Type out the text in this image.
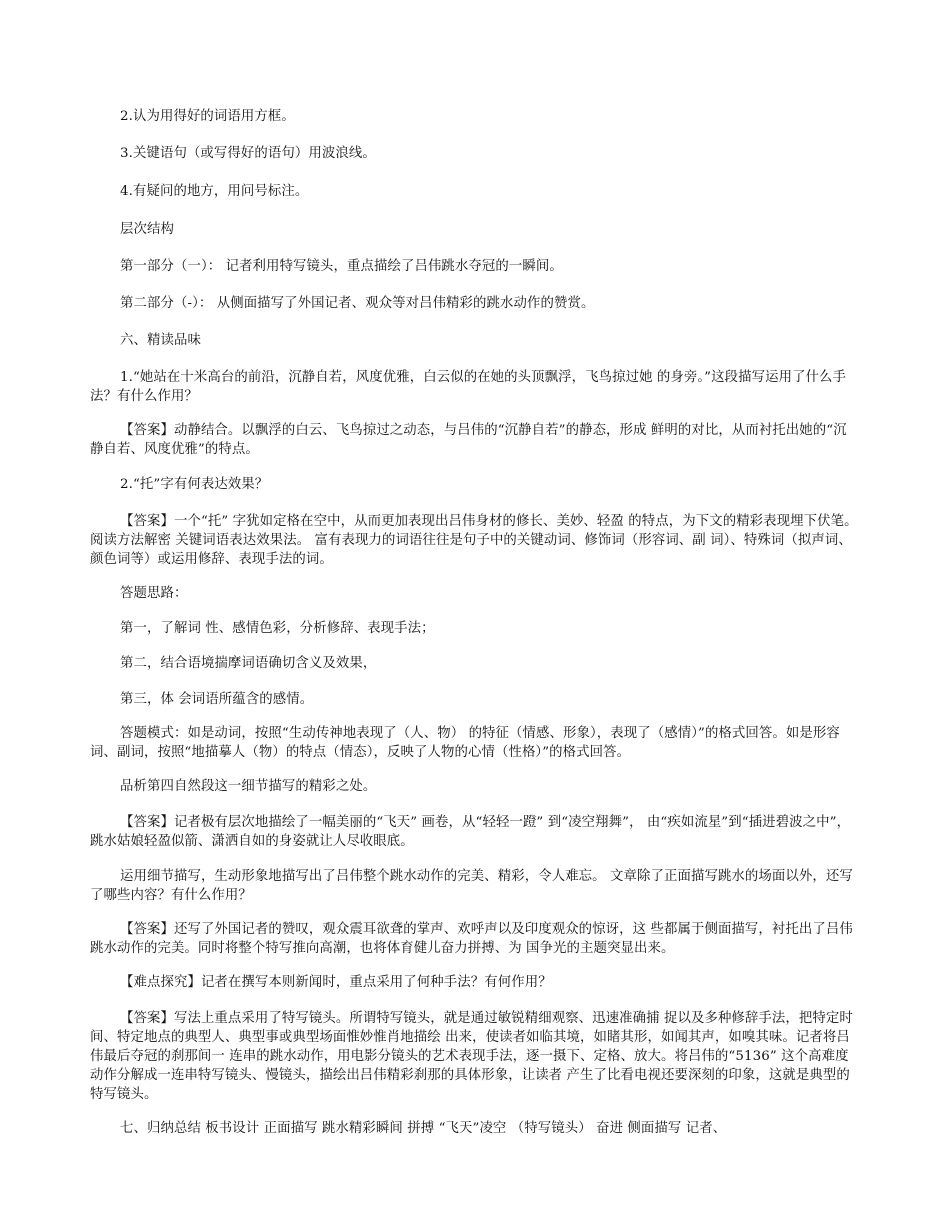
2.认为用得好的词语用方框。
3.关键语句（或写得好的语句）用波浪线。
4.有疑问的地方，用问号标注。
层次结构
第一部分（一）： 记者利用特写镜头，重点描绘了吕伟跳水夺冠的一瞬间。
第二部分（-）： 从侧面描写了外国记者、观众等对吕伟精彩的跳水动作的赞赏。
六、精读品味
1.“她站在十米高台的前沿，沉静自若，风度优雅，白云似的在她的头顶飘浮，飞鸟掠过她 的身旁。”这段描写运用了什么手法？有什么作用？
【答案】动静结合。以飘浮的白云、飞鸟掠过之动态，与吕伟的“沉静自若”的静态，形成 鲜明的对比，从而衬托出她的“沉静自若、风度优雅”的特点。
2.“托”字有何表达效果？
【答案】一个“托” 字犹如定格在空中，从而更加表现出吕伟身材的修长、美妙、轻盈 的特点，为下文的精彩表现埋下伏笔。 阅读方法解密 关键词语表达效果法。 富有表现力的词语往往是句子中的关键动词、修饰词（形容词、副 词）、特殊词（拟声词、颜色词等）或运用修辞、表现手法的词。
答题思路：
第一，了解词 性、感情色彩，分析修辞、表现手法；
第二，结合语境揣摩词语确切含义及效果，
第三，体 会词语所蕴含的感情。
答题模式：如是动词，按照“生动传神地表现了（人、物） 的特征（情感、形象），表现了（感情）”的格式回答。如是形容词、副词，按照“地描摹人（物）的特点（情态），反映了人物的心情（性格）”的格式回答。
品析第四自然段这一细节描写的精彩之处。
【答案】记者极有层次地描绘了一幅美丽的“飞天” 画卷，从“轻轻一蹬” 到“凌空翔舞”， 由“疾如流星”到“插进碧波之中”，跳水姑娘轻盈似箭、潇洒自如的身姿就让人尽收眼底。
运用细节描写，生动形象地描写出了吕伟整个跳水动作的完美、精彩，令人难忘。 文章除了正面描写跳水的场面以外，还写了哪些内容？有什么作用？
【答案】还写了外国记者的赞叹，观众震耳欲聋的掌声、欢呼声以及印度观众的惊讶，这 些都属于侧面描写，衬托出了吕伟跳水动作的完美。同时将整个特写推向高潮，也将体育健儿奋力拼搏、为 国争光的主题突显出来。
【难点探究】记者在撰写本则新闻时，重点采用了何种手法？有何作用？
【答案】写法上重点采用了特写镜头。所谓特写镜头，就是通过敏锐精细观察、迅速准确捕 捉以及多种修辞手法，把特定时间、特定地点的典型人、典型事或典型场面惟妙惟肖地描绘 出来，使读者如临其境，如睹其形，如闻其声，如嗅其味。记者将吕伟最后夺冠的刹那间一 连串的跳水动作，用电影分镜头的艺术表现手法，逐一摄下、定格、放大。将吕伟的“5136” 这个高难度动作分解成一连串特写镜头、慢镜头，描绘出吕伟精彩刹那的具体形象，让读者 产生了比看电视还要深刻的印象，这就是典型的特写镜头。
七、归纳总结 板书设计 正面描写 跳水精彩瞬间 拼搏 “飞天”凌空 （特写镜头） 奋进 侧面描写 记者、
